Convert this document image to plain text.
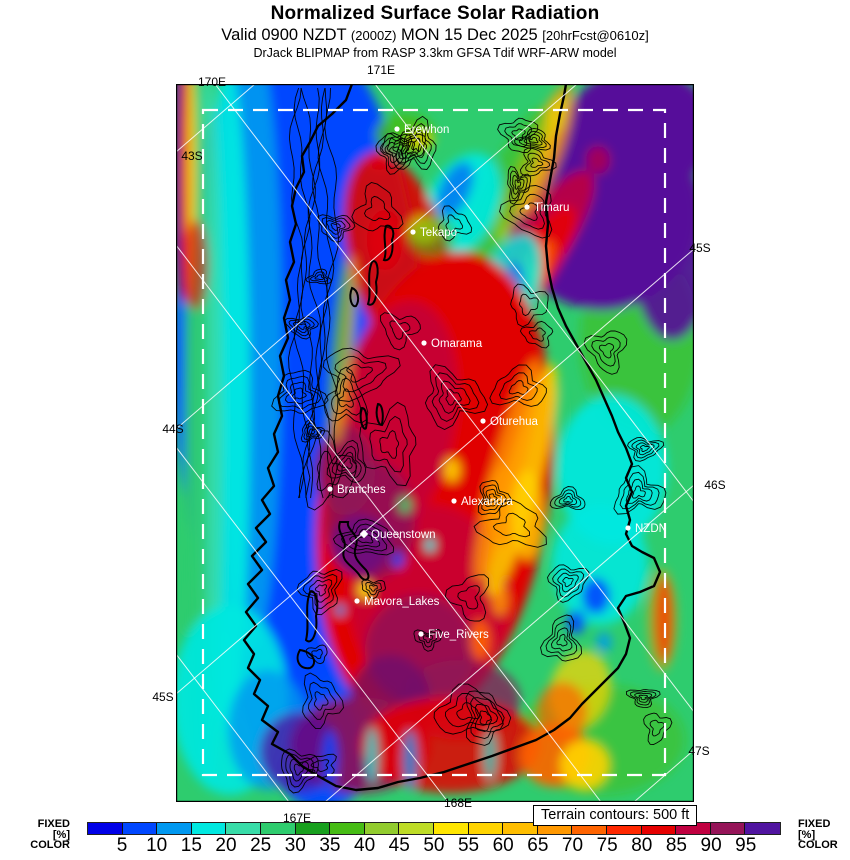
Normalized Surface Solar Radiation
Valid 0900 NZDT (2000Z) MON 15 Dec 2025 [20hrFcst@0610z]
DrJack BLIPMAP from RASP 3.3km GFSA Tdif WRF-ARW model
Erewhon
Timaru
Tekapo
Omarama
Oturehua
Branches
Alexandra
Queenstown	NZDN
Mavora_Lakes
Five_Rivers
171E
170E
43S
44S
45S
45S
46S
47S
167E
168E
Terrain contours: 500 ft
FIXED
[%]
COLOR
FIXED
[%]
COLOR
5 10 15 20 25 30 35 40 45 50 55 60 65 70 75 80 85 90 95
